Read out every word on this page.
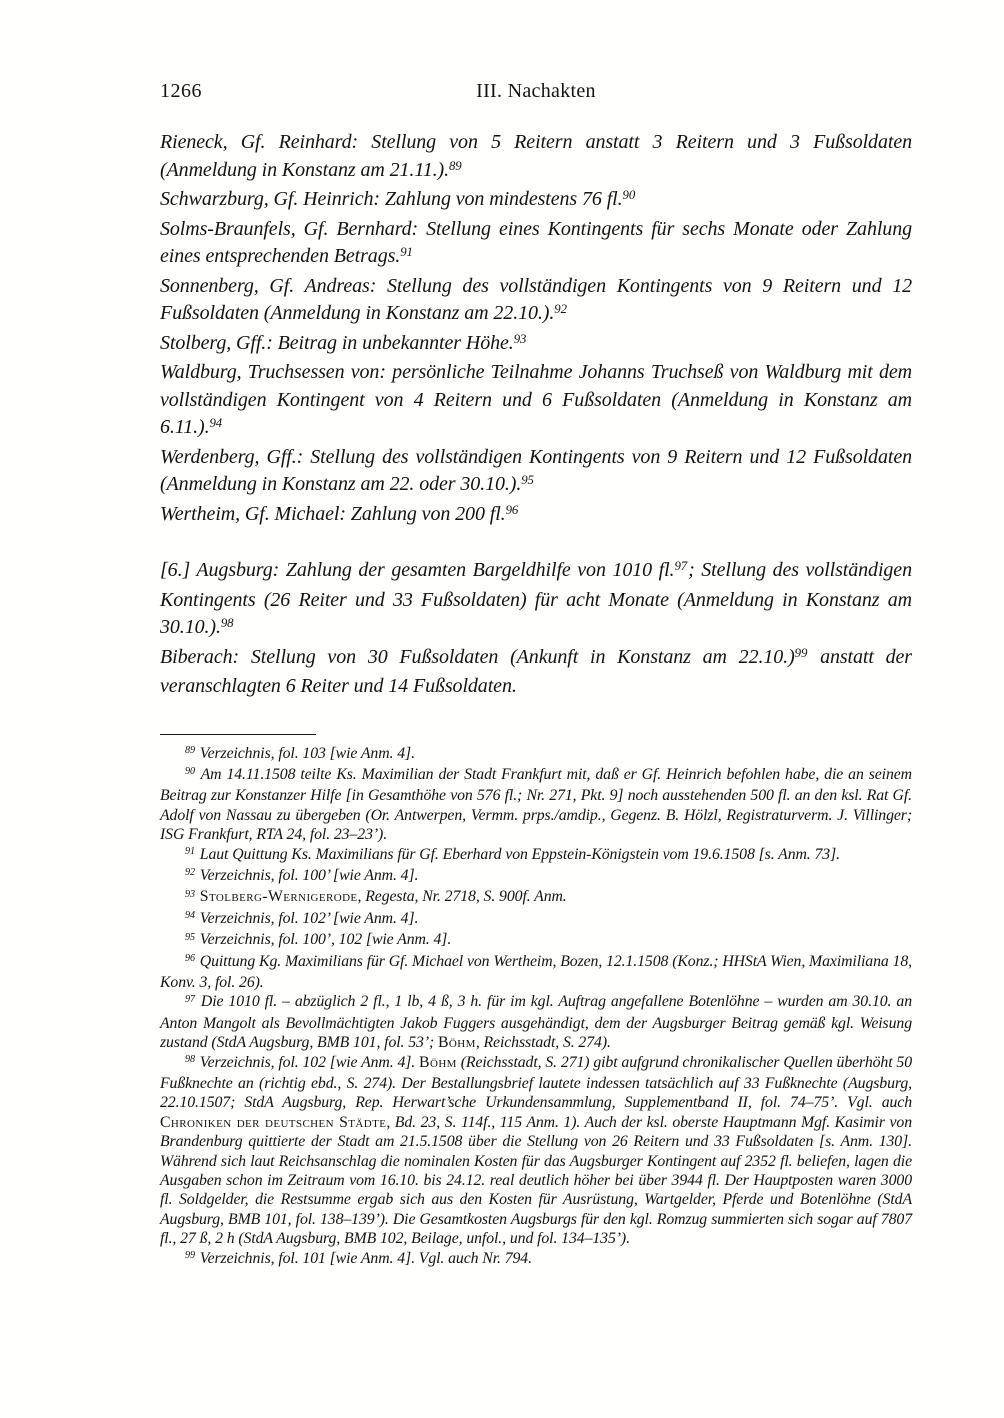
1266	III. Nachakten

Rieneck, Gf. Reinhard: Stellung von 5 Reitern anstatt 3 Reitern und 3 Fußsoldaten (Anmeldung in Konstanz am 21.11.).$^{89}$

Schwarzburg, Gf. Heinrich: Zahlung von mindestens 76 fl.$^{90}$

Solms-Braunfels, Gf. Bernhard: Stellung eines Kontingents für sechs Monate oder Zahlung eines entsprechenden Betrags.$^{91}$

Sonnenberg, Gf. Andreas: Stellung des vollständigen Kontingents von 9 Reitern und 12 Fußsoldaten (Anmeldung in Konstanz am 22.10.).$^{92}$

Stolberg, Gff.: Beitrag in unbekannter Höhe.$^{93}$

Waldburg, Truchsessen von: persönliche Teilnahme Johanns Truchseß von Waldburg mit dem vollständigen Kontingent von 4 Reitern und 6 Fußsoldaten (Anmeldung in Konstanz am 6.11.).$^{94}$

Werdenberg, Gff.: Stellung des vollständigen Kontingents von 9 Reitern und 12 Fußsoldaten (Anmeldung in Konstanz am 22. oder 30.10.).$^{95}$

Wertheim, Gf. Michael: Zahlung von 200 fl.$^{96}$

[6.] Augsburg: Zahlung der gesamten Bargeldhilfe von 1010 fl.$^{97}$; Stellung des vollständigen Kontingents (26 Reiter und 33 Fußsoldaten) für acht Monate (Anmeldung in Konstanz am 30.10.).$^{98}$

Biberach: Stellung von 30 Fußsoldaten (Ankunft in Konstanz am 22.10.)$^{99}$ anstatt der veranschlagten 6 Reiter und 14 Fußsoldaten.

$^{89}$ Verzeichnis, fol. 103 [wie Anm. 4].

$^{90}$ Am 14.11.1508 teilte Ks. Maximilian der Stadt Frankfurt mit, daß er Gf. Heinrich befohlen habe, die an seinem Beitrag zur Konstanzer Hilfe [in Gesamthöhe von 576 fl.; Nr. 271, Pkt. 9] noch ausstehenden 500 fl. an den ksl. Rat Gf. Adolf von Nassau zu übergeben (Or. Antwerpen, Vermm. prps./amdip., Gegenz. B. Hölzl, Registraturverm. J. Villinger; ISG Frankfurt, RTA 24, fol. 23–23’).

$^{91}$ Laut Quittung Ks. Maximilians für Gf. Eberhard von Eppstein-Königstein vom 19.6.1508 [s. Anm. 73].

$^{92}$ Verzeichnis, fol. 100’ [wie Anm. 4].

$^{93}$ Stolberg-Wernigerode, Regesta, Nr. 2718, S. 900f. Anm.

$^{94}$ Verzeichnis, fol. 102’ [wie Anm. 4].

$^{95}$ Verzeichnis, fol. 100’, 102 [wie Anm. 4].

$^{96}$ Quittung Kg. Maximilians für Gf. Michael von Wertheim, Bozen, 12.1.1508 (Konz.; HHStA Wien, Maximiliana 18, Konv. 3, fol. 26).

$^{97}$ Die 1010 fl. – abzüglich 2 fl., 1 lb, 4 ß, 3 h. für im kgl. Auftrag angefallene Botenlöhne – wurden am 30.10. an Anton Mangolt als Bevollmächtigten Jakob Fuggers ausgehändigt, dem der Augsburger Beitrag gemäß kgl. Weisung zustand (StdA Augsburg, BMB 101, fol. 53’; Böhm, Reichsstadt, S. 274).

$^{98}$ Verzeichnis, fol. 102 [wie Anm. 4]. Böhm (Reichsstadt, S. 271) gibt aufgrund chronikalischer Quellen überhöht 50 Fußknechte an (richtig ebd., S. 274). Der Bestallungsbrief lautete indessen tatsächlich auf 33 Fußknechte (Augsburg, 22.10.1507; StdA Augsburg, Rep. Herwart’sche Urkundensammlung, Supplementband II, fol. 74–75’. Vgl. auch Chroniken der deutschen Städte, Bd. 23, S. 114f., 115 Anm. 1). Auch der ksl. oberste Hauptmann Mgf. Kasimir von Brandenburg quittierte der Stadt am 21.5.1508 über die Stellung von 26 Reitern und 33 Fußsoldaten [s. Anm. 130]. Während sich laut Reichsanschlag die nominalen Kosten für das Augsburger Kontingent auf 2352 fl. beliefen, lagen die Ausgaben schon im Zeitraum vom 16.10. bis 24.12. real deutlich höher bei über 3944 fl. Der Hauptposten waren 3000 fl. Soldgelder, die Restsumme ergab sich aus den Kosten für Ausrüstung, Wartgelder, Pferde und Botenlöhne (StdA Augsburg, BMB 101, fol. 138–139’). Die Gesamtkosten Augsburgs für den kgl. Romzug summierten sich sogar auf 7807 fl., 27 ß, 2 h (StdA Augsburg, BMB 102, Beilage, unfol., und fol. 134–135’).

$^{99}$ Verzeichnis, fol. 101 [wie Anm. 4]. Vgl. auch Nr. 794.
